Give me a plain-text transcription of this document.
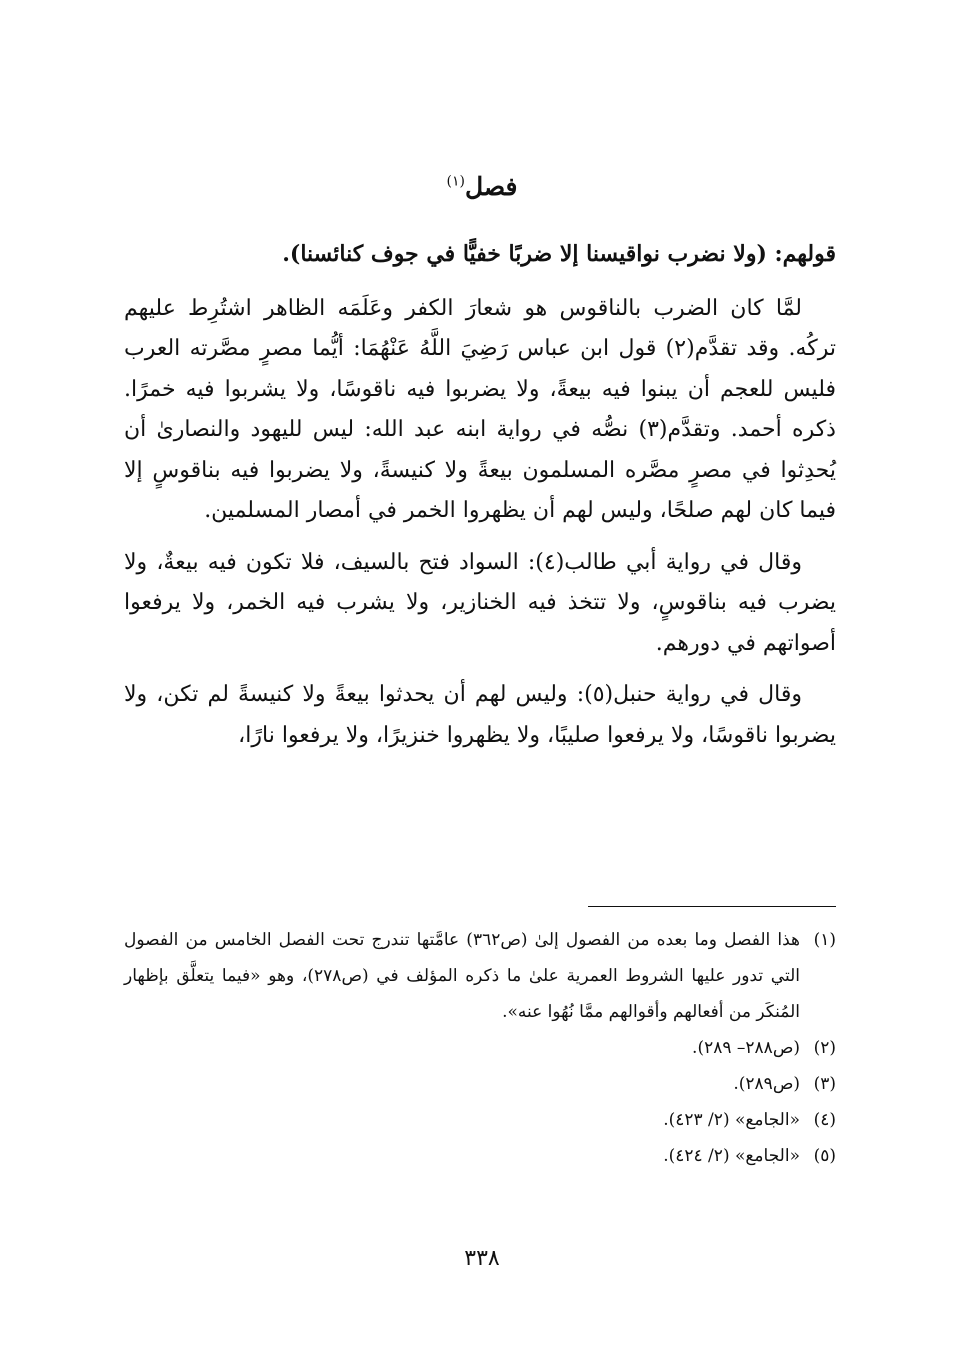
فصل$^{(١)}$

قولهم: (ولا نضرب نواقيسنا إلا ضربًا خفيًّا في جوف كنائسنا).

لمَّا كان الضرب بالناقوس هو شعارَ الكفر وعَلَمَه الظاهر اشتُرِط عليهم تركُه. وقد تقدَّم(٢) قول ابن عباس رَضِيَ اللَّهُ عَنْهُمَا: أيُّما مصرٍ مصَّرته العرب فليس للعجم أن يبنوا فيه بيعةً، ولا يضربوا فيه ناقوسًا، ولا يشربوا فيه خمرًا. ذكره أحمد. وتقدَّم(٣) نصُّه في رواية ابنه عبد الله: ليس لليهود والنصارىٰ أن يُحدِثوا في مصرٍ مصَّره المسلمون بيعةً ولا كنيسةً، ولا يضربوا فيه بناقوسٍ إلا فيما كان لهم صلحًا، وليس لهم أن يظهروا الخمر في أمصار المسلمين.

وقال في رواية أبي طالب(٤): السواد فتح بالسيف، فلا تكون فيه بيعةٌ، ولا يضرب فيه بناقوسٍ، ولا تتخذ فيه الخنازير، ولا يشرب فيه الخمر، ولا يرفعوا أصواتهم في دورهم.

وقال في رواية حنبل(٥): وليس لهم أن يحدثوا بيعةً ولا كنيسةً لم تكن، ولا يضربوا ناقوسًا، ولا يرفعوا صليبًا، ولا يظهروا خنزيرًا، ولا يرفعوا نارًا،

(١)
هذا الفصل وما بعده من الفصول إلىٰ (ص٣٦٢) عامَّتها تندرج تحت الفصل الخامس من الفصول التي تدور عليها الشروط العمرية علىٰ ما ذكره المؤلف في (ص٢٧٨)، وهو «فيما يتعلَّق بإظهار المُنكَر من أفعالهم وأقوالهم ممَّا نُهُوا عنه».
(٢)
(ص٢٨٨– ٢٨٩).
(٣)
(ص٢٨٩).
(٤)
«الجامع» (٢/ ٤٢٣).
(٥)
«الجامع» (٢/ ٤٢٤).
٣٣٨
